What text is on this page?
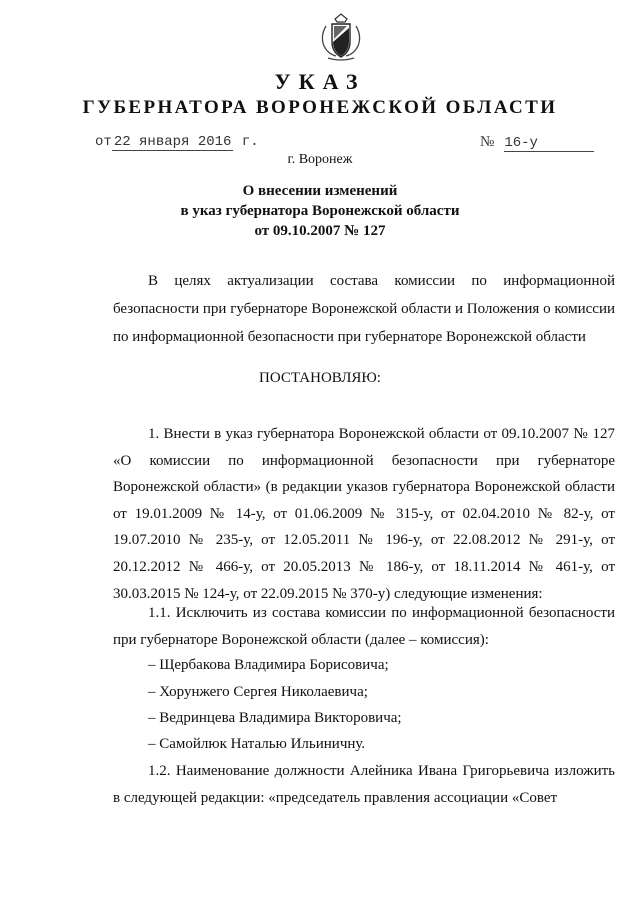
УКАЗ
ГУБЕРНАТОРА ВОРОНЕЖСКОЙ ОБЛАСТИ
от 22 января 2016 г.	№ 16-у
г. Воронеж
О внесении изменений
в указ губернатора Воронежской области
от 09.10.2007 № 127
В целях актуализации состава комиссии по информационной безопасности при губернаторе Воронежской области и Положения о комиссии по информационной безопасности при губернаторе Воронежской области
ПОСТАНОВЛЯЮ:
1. Внести в указ губернатора Воронежской области от 09.10.2007 № 127 «О комиссии по информационной безопасности при губернаторе Воронежской области» (в редакции указов губернатора Воронежской области от 19.01.2009 № 14-у, от 01.06.2009 № 315-у, от 02.04.2010 № 82-у, от 19.07.2010 № 235-у, от 12.05.2011 № 196-у, от 22.08.2012 № 291-у, от 20.12.2012 № 466-у, от 20.05.2013 № 186-у, от 18.11.2014 № 461-у, от 30.03.2015 № 124-у, от 22.09.2015 № 370-у) следующие изменения:
1.1. Исключить из состава комиссии по информационной безопасности при губернаторе Воронежской области (далее – комиссия):
– Щербакова Владимира Борисовича;
– Хорунжего Сергея Николаевича;
– Ведринцева Владимира Викторовича;
– Самойлюк Наталью Ильиничну.
1.2. Наименование должности Алейника Ивана Григорьевича изложить в следующей редакции: «председатель правления ассоциации «Совет
